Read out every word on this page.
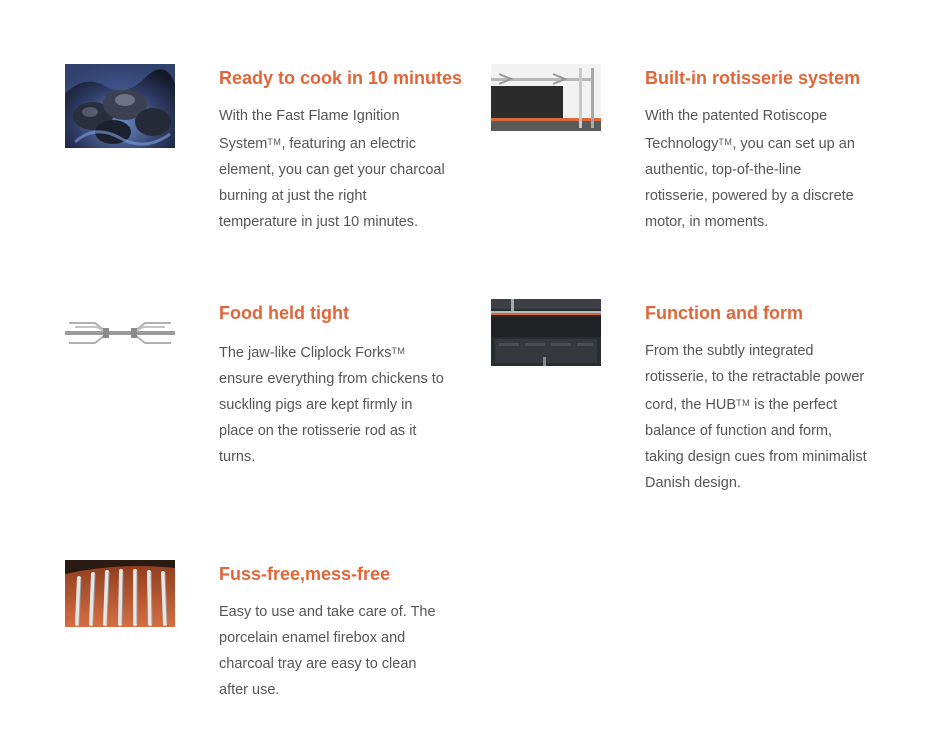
Ready to cook in 10 minutes

With the Fast Flame Ignition
System™, featuring an electric
element, you can get your charcoal
burning at just the right
temperature in just 10 minutes.

Built-in rotisserie system

With the patented Rotiscope
Technology™, you can set up an
authentic, top-of-the-line
rotisserie, powered by a discrete
motor, in moments.

Food held tight

The jaw-like Cliplock Forks™
ensure everything from chickens to
suckling pigs are kept firmly in
place on the rotisserie rod as it
turns.

Function and form

From the subtly integrated
rotisserie, to the retractable power
cord, the HUB™ is the perfect
balance of function and form,
taking design cues from minimalist
Danish design.

Fuss-free,mess-free

Easy to use and take care of. The
porcelain enamel firebox and
charcoal tray are easy to clean
after use.
